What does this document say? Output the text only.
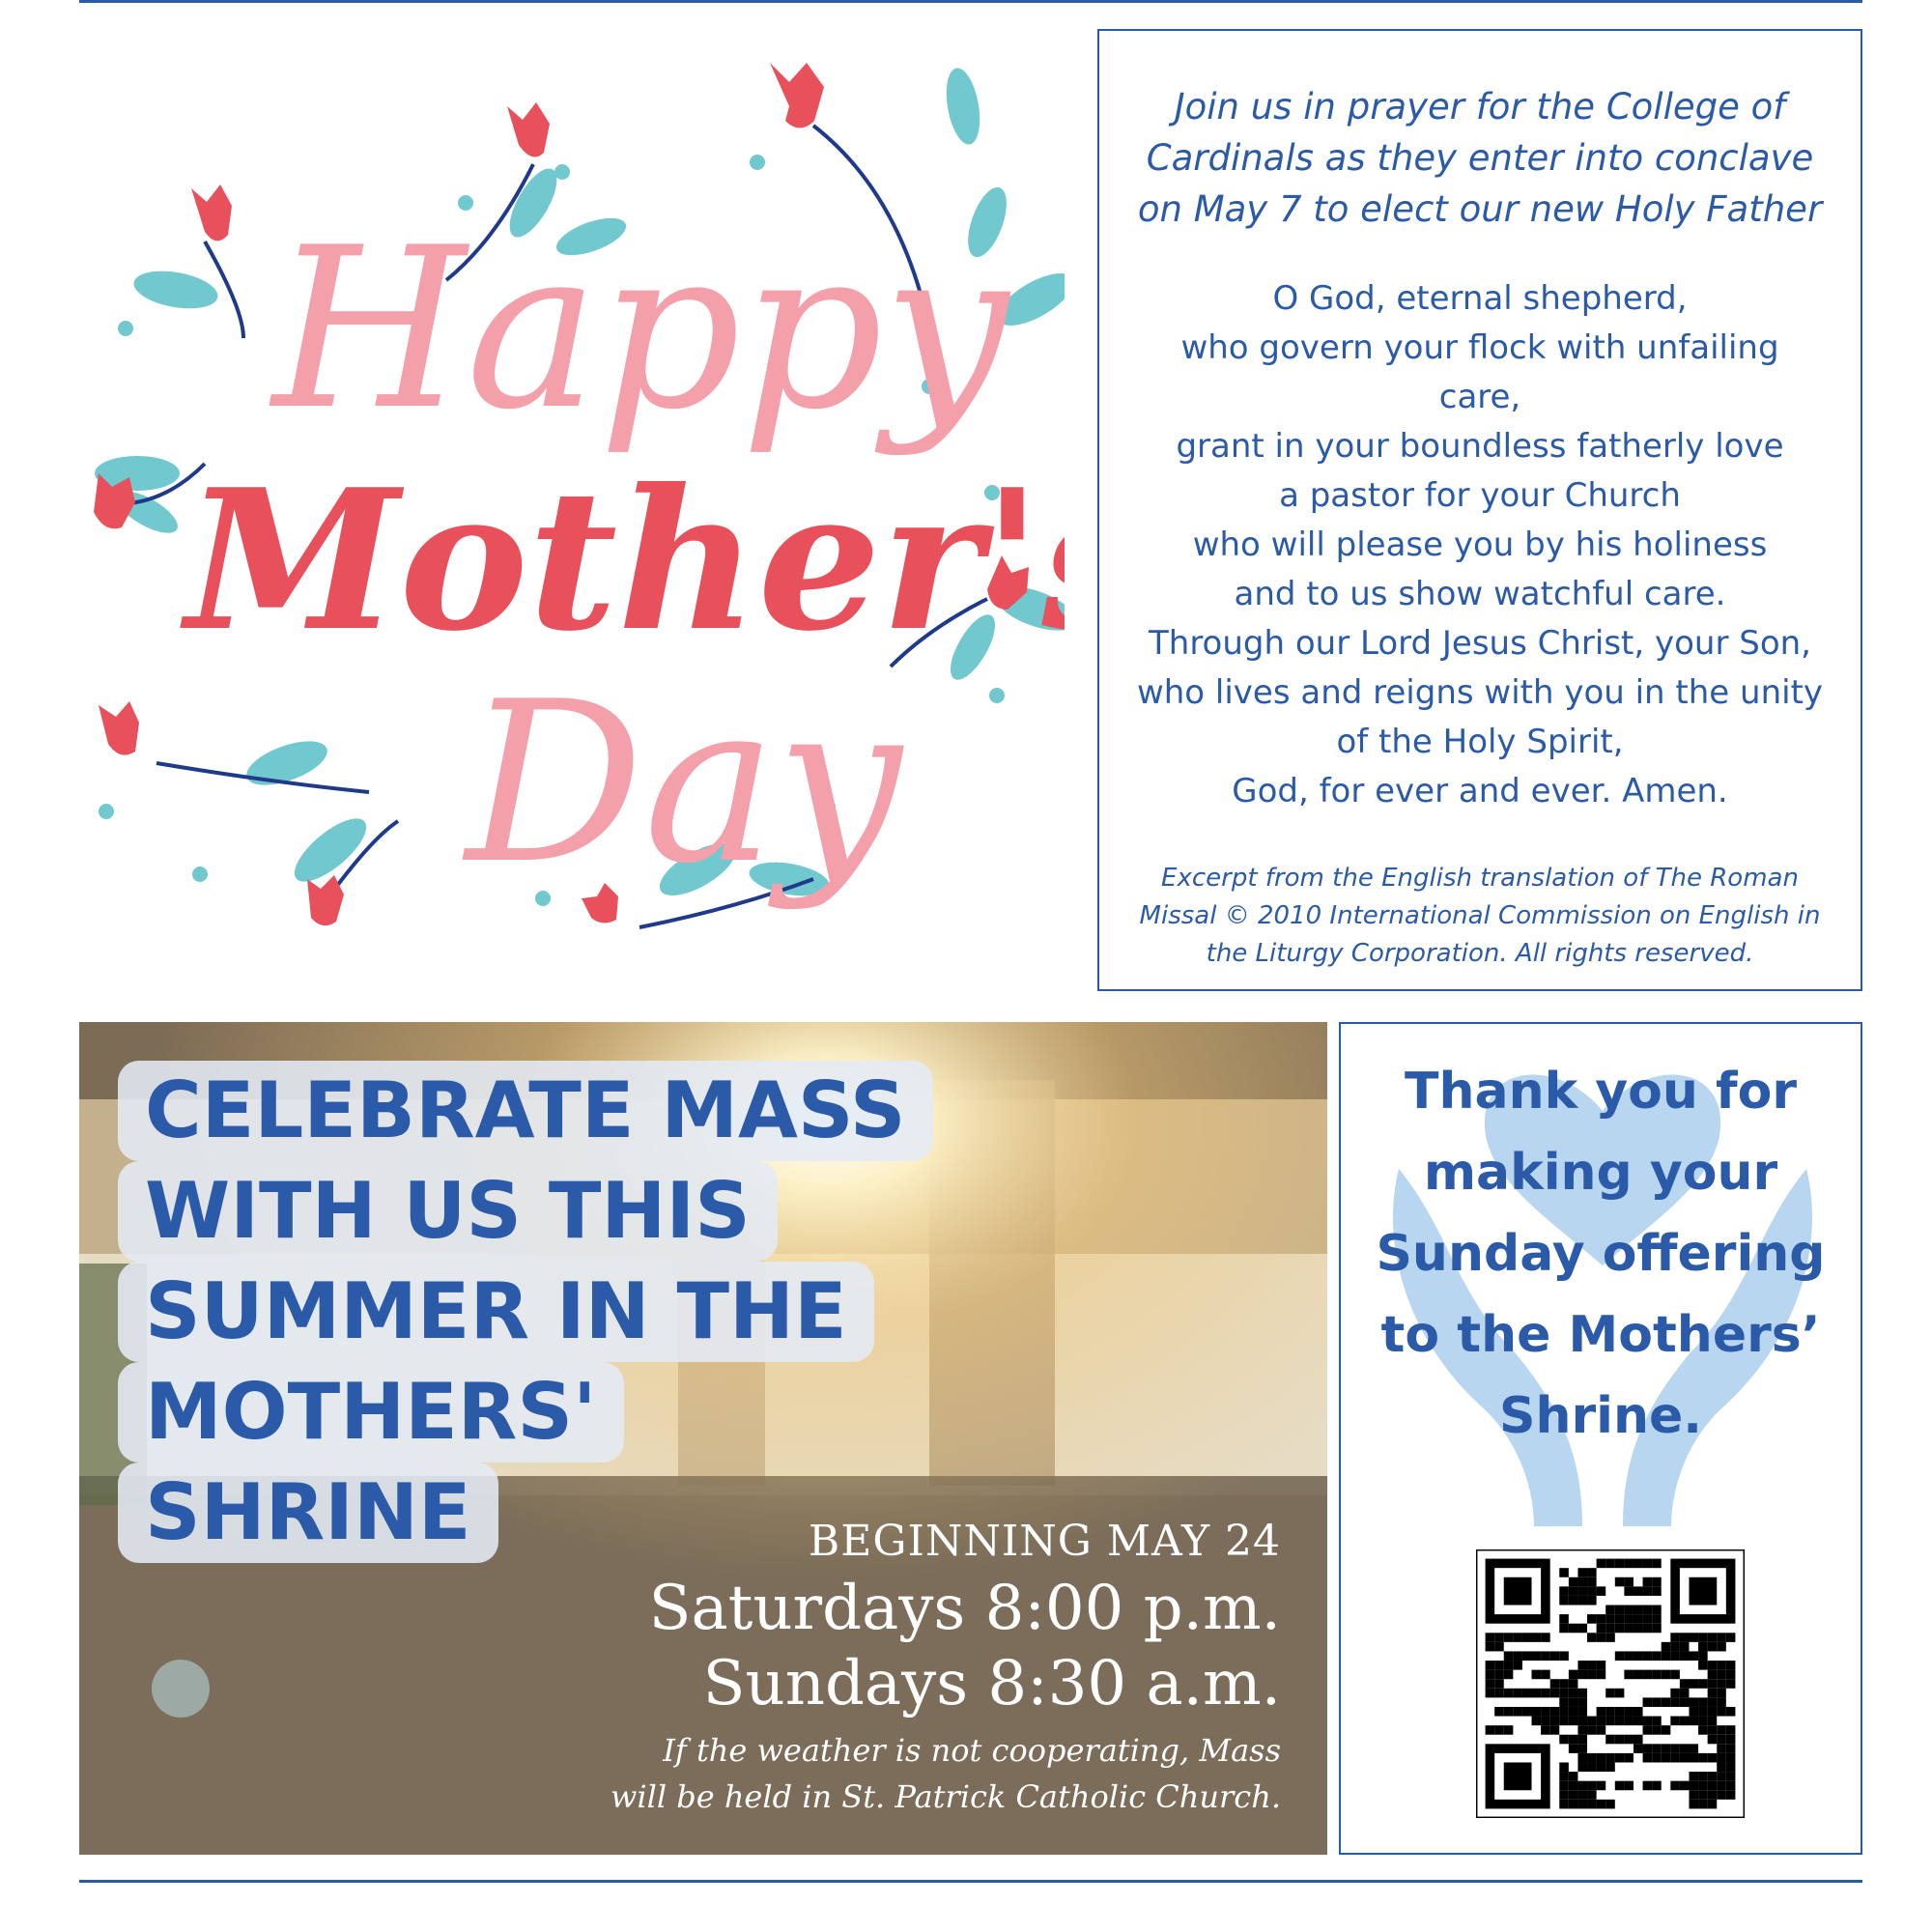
Happy
Mother's
Day
Join us in prayer for the College of Cardinals as they enter into conclave on May 7 to elect our new Holy Father
O God, eternal shepherd,
who govern your flock with unfailing
care,
grant in your boundless fatherly love
a pastor for your Church
who will please you by his holiness
and to us show watchful care.
Through our Lord Jesus Christ, your Son,
who lives and reigns with you in the unity
of the Holy Spirit,
God, for ever and ever. Amen.
Excerpt from the English translation of The Roman Missal © 2010 International Commission on English in the Liturgy Corporation. All rights reserved.
CELEBRATE MASS
WITH US THIS
SUMMER IN THE
MOTHERS'
SHRINE	BEGINNING MAY 24
Saturdays 8:00 p.m.
Sundays 8:30 a.m.
If the weather is not cooperating, Mass
will be held in St. Patrick Catholic Church.
Thank you for
making your
Sunday offering
to the Mothers’
Shrine.
